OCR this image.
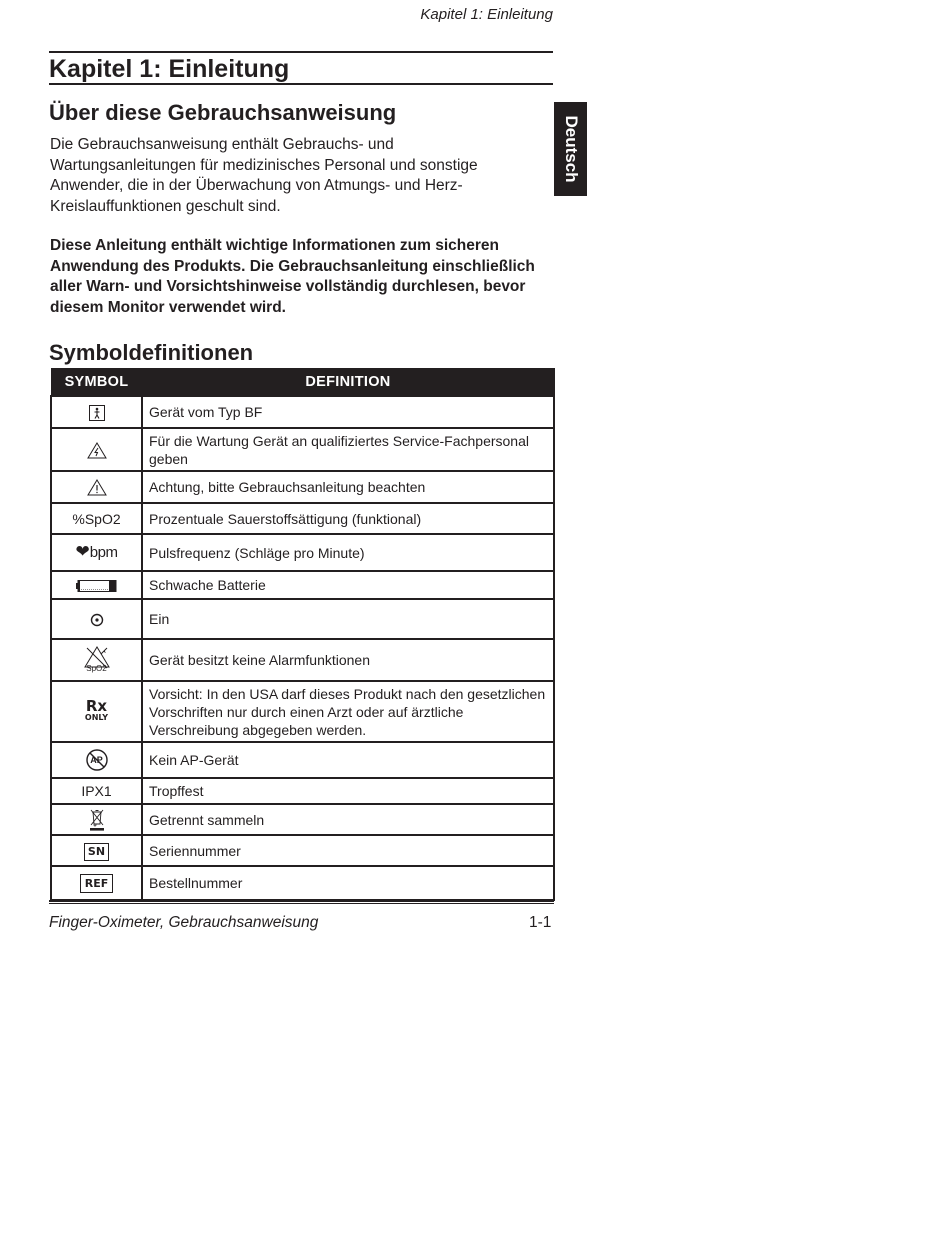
Kapitel 1: Einleitung
Kapitel 1: Einleitung
Über diese Gebrauchsanweisung
Die Gebrauchsanweisung enthält Gebrauchs- und
Wartungsanleitungen für medizinisches Personal und sonstige
Anwender, die in der Überwachung von Atmungs- und Herz-
Kreislauffunktionen geschult sind.
Diese Anleitung enthält wichtige Informationen zum sicheren
Anwendung des Produkts. Die Gebrauchsanleitung einschließlich
aller Warn- und Vorsichtshinweise vollständig durchlesen, bevor
diesem Monitor verwendet wird.
Deutsch
Symboldefinitionen
SYMBOL	DEFINITION
	Gerät vom Typ BF
	Für die Wartung Gerät an qualifiziertes Service-Fachpersonal geben
	Achtung, bitte Gebrauchsanleitung beachten
%SpO2	Prozentuale Sauerstoffsättigung (funktional)
❤bpm	Pulsfrequenz (Schläge pro Minute)
	Schwache Batterie
	Ein

SpO2	Gerät besitzt keine Alarmfunktionen

Rx
ONLY	Vorsicht: In den USA darf dieses Produkt nach den gesetzlichen Vorschriften nur durch einen Arzt oder auf ärztliche Verschreibung abgegeben werden.

AP	Kein AP-Gerät
IPX1	Tropffest
	Getrennt sammeln
SN	Seriennummer
REF	Bestellnummer
Finger-Oximeter, Gebrauchsanweisung	1-1
